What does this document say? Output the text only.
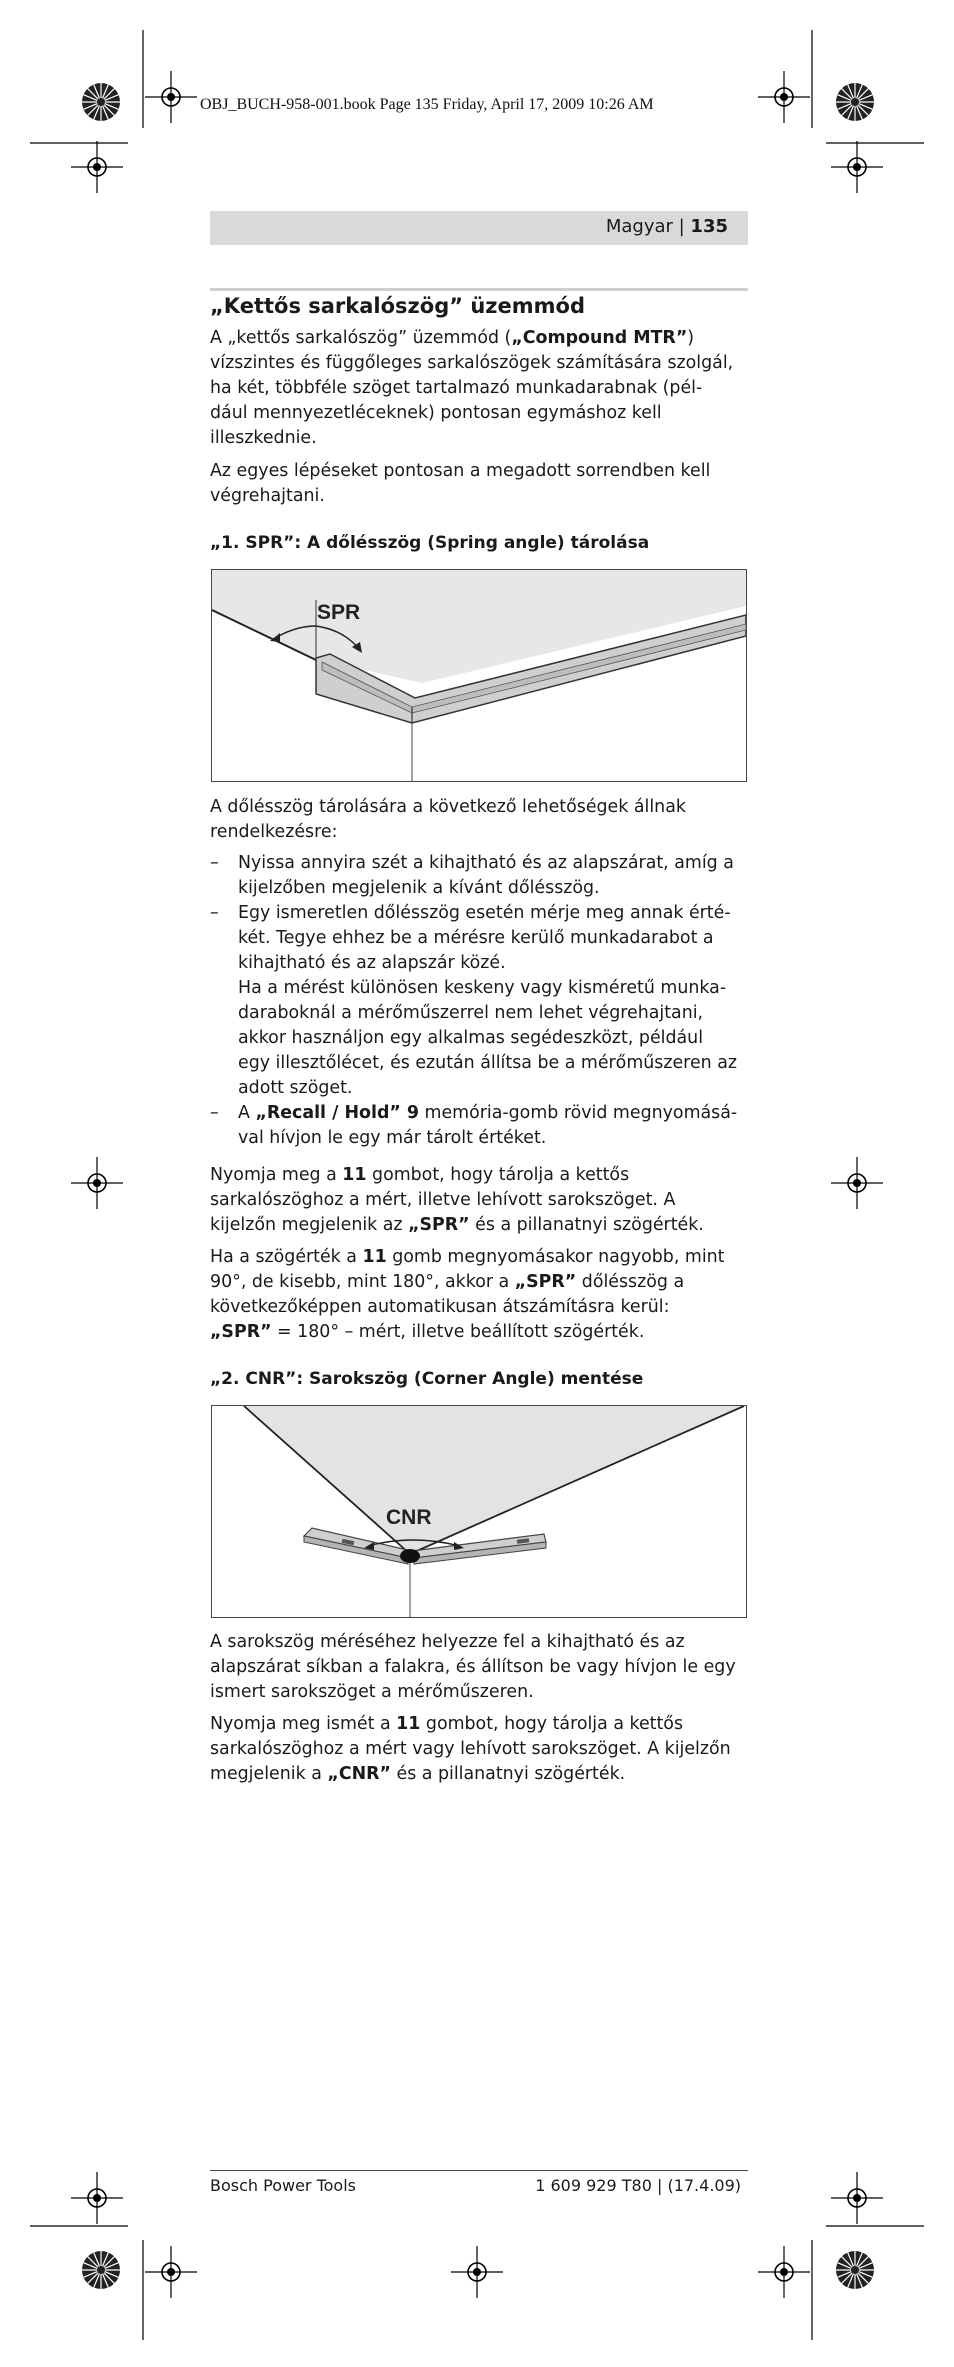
OBJ_BUCH-958-001.book Page 135 Friday, April 17, 2009 10:26 AM
Magyar | 135
„Kettős sarkalószög” üzemmód
A „kettős sarkalószög” üzemmód („Compound MTR”)
vízszintes és függőleges sarkalószögek számítására szolgál,
ha két, többféle szöget tartalmazó munkadarabnak (pél-
dául mennyezetléceknek) pontosan egymáshoz kell
illeszkednie.
Az egyes lépéseket pontosan a megadott sorrendben kell
végrehajtani.
„1. SPR”: A dőlésszög (Spring angle) tárolása
SPR
A dőlésszög tárolására a következő lehetőségek állnak
rendelkezésre:
– Nyissa annyira szét a kihajtható és az alapszárat, amíg a
kijelzőben megjelenik a kívánt dőlésszög.
– Egy ismeretlen dőlésszög esetén mérje meg annak érté-
két. Tegye ehhez be a mérésre kerülő munkadarabot a
kihajtható és az alapszár közé.
Ha a mérést különösen keskeny vagy kisméretű munka-
daraboknál a mérőműszerrel nem lehet végrehajtani,
akkor használjon egy alkalmas segédeszközt, például
egy illesztőlécet, és ezután állítsa be a mérőműszeren az
adott szöget.
– A „Recall / Hold” 9 memória-gomb rövid megnyomásá-
val hívjon le egy már tárolt értéket.
Nyomja meg a 11 gombot, hogy tárolja a kettős
sarkalószöghoz a mért, illetve lehívott sarokszöget. A
kijelzőn megjelenik az „SPR” és a pillanatnyi szögérték.
Ha a szögérték a 11 gomb megnyomásakor nagyobb, mint
90°, de kisebb, mint 180°, akkor a „SPR” dőlésszög a
következőképpen automatikusan átszámításra kerül:
„SPR” = 180° – mért, illetve beállított szögérték.
„2. CNR”: Sarokszög (Corner Angle) mentése
CNR
A sarokszög méréséhez helyezze fel a kihajtható és az
alapszárat síkban a falakra, és állítson be vagy hívjon le egy
ismert sarokszöget a mérőműszeren.
Nyomja meg ismét a 11 gombot, hogy tárolja a kettős
sarkalószöghoz a mért vagy lehívott sarokszöget. A kijelzőn
megjelenik a „CNR” és a pillanatnyi szögérték.
Bosch Power Tools	1 609 929 T80 | (17.4.09)
